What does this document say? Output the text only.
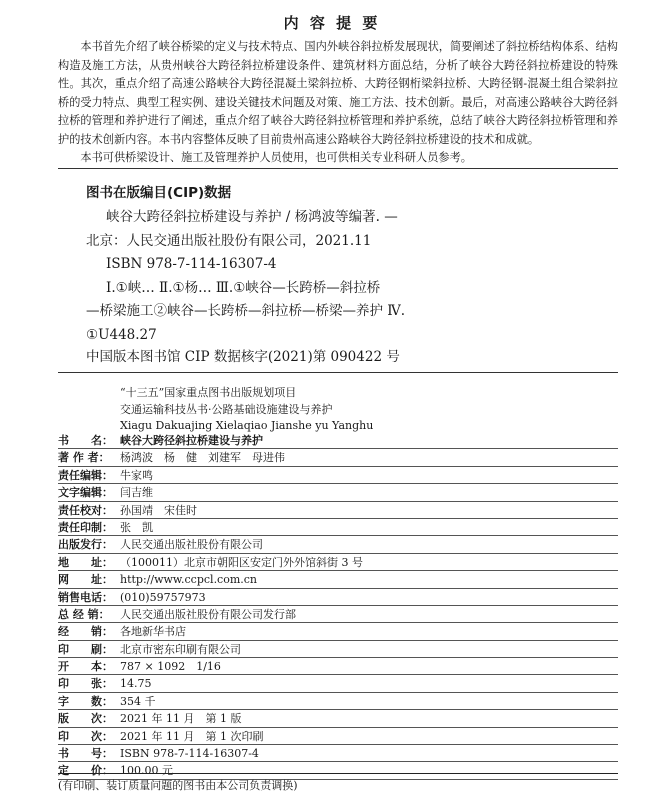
内 容 提 要

本书首先介绍了峡谷桥梁的定义与技术特点、国内外峡谷斜拉桥发展现状，简要阐述了斜拉桥结构体系、结构构造及施工方法，从贵州峡谷大跨径斜拉桥建设条件、建筑材料方面总结，分析了峡谷大跨径斜拉桥建设的特殊性。其次，重点介绍了高速公路峡谷大跨径混凝土梁斜拉桥、大跨径钢桁梁斜拉桥、大跨径钢-混凝土组合梁斜拉桥的受力特点、典型工程实例、建设关键技术问题及对策、施工方法、技术创新。最后，对高速公路峡谷大跨径斜拉桥的管理和养护进行了阐述，重点介绍了峡谷大跨径斜拉桥管理和养护系统，总结了峡谷大跨径斜拉桥管理和养护的技术创新内容。本书内容整体反映了目前贵州高速公路峡谷大跨径斜拉桥建设的技术和成就。

本书可供桥梁设计、施工及管理养护人员使用，也可供相关专业科研人员参考。

图书在版编目(CIP)数据
峡谷大跨径斜拉桥建设与养护 / 杨鸿波等编著. —
北京：人民交通出版社股份有限公司，2021.11
ISBN 978-7-114-16307-4
Ⅰ.①峡… Ⅱ.①杨… Ⅲ.①峡谷—长跨桥—斜拉桥
—桥梁施工②峡谷—长跨桥—斜拉桥—桥梁—养护 Ⅳ.
①U448.27
中国版本图书馆 CIP 数据核字(2021)第 090422 号
“十三五”国家重点图书出版规划项目
交通运输科技丛书·公路基础设施建设与养护
Xiagu Dakuajing Xielaqiao Jianshe yu Yanghu
书　　名： 峡谷大跨径斜拉桥建设与养护
著 作 者： 杨鸿波　杨　健　刘建军　母进伟
责任编辑： 牛家鸣
文字编辑： 闫吉维
责任校对： 孙国靖　宋佳时
责任印制： 张　凯
出版发行： 人民交通出版社股份有限公司
地　　址： （100011）北京市朝阳区安定门外外馆斜街 3 号
网　　址： http://www.ccpcl.com.cn
销售电话： (010)59757973
总 经 销： 人民交通出版社股份有限公司发行部
经　　销： 各地新华书店
印　　刷： 北京市密东印刷有限公司
开　　本： 787 × 1092　1/16
印　　张： 14.75
字　　数： 354 千
版　　次： 2021 年 11 月　第 1 版
印　　次： 2021 年 11 月　第 1 次印刷
书　　号： ISBN 978-7-114-16307-4
定　　价： 100.00 元
(有印刷、装订质量问题的图书由本公司负责调换)
